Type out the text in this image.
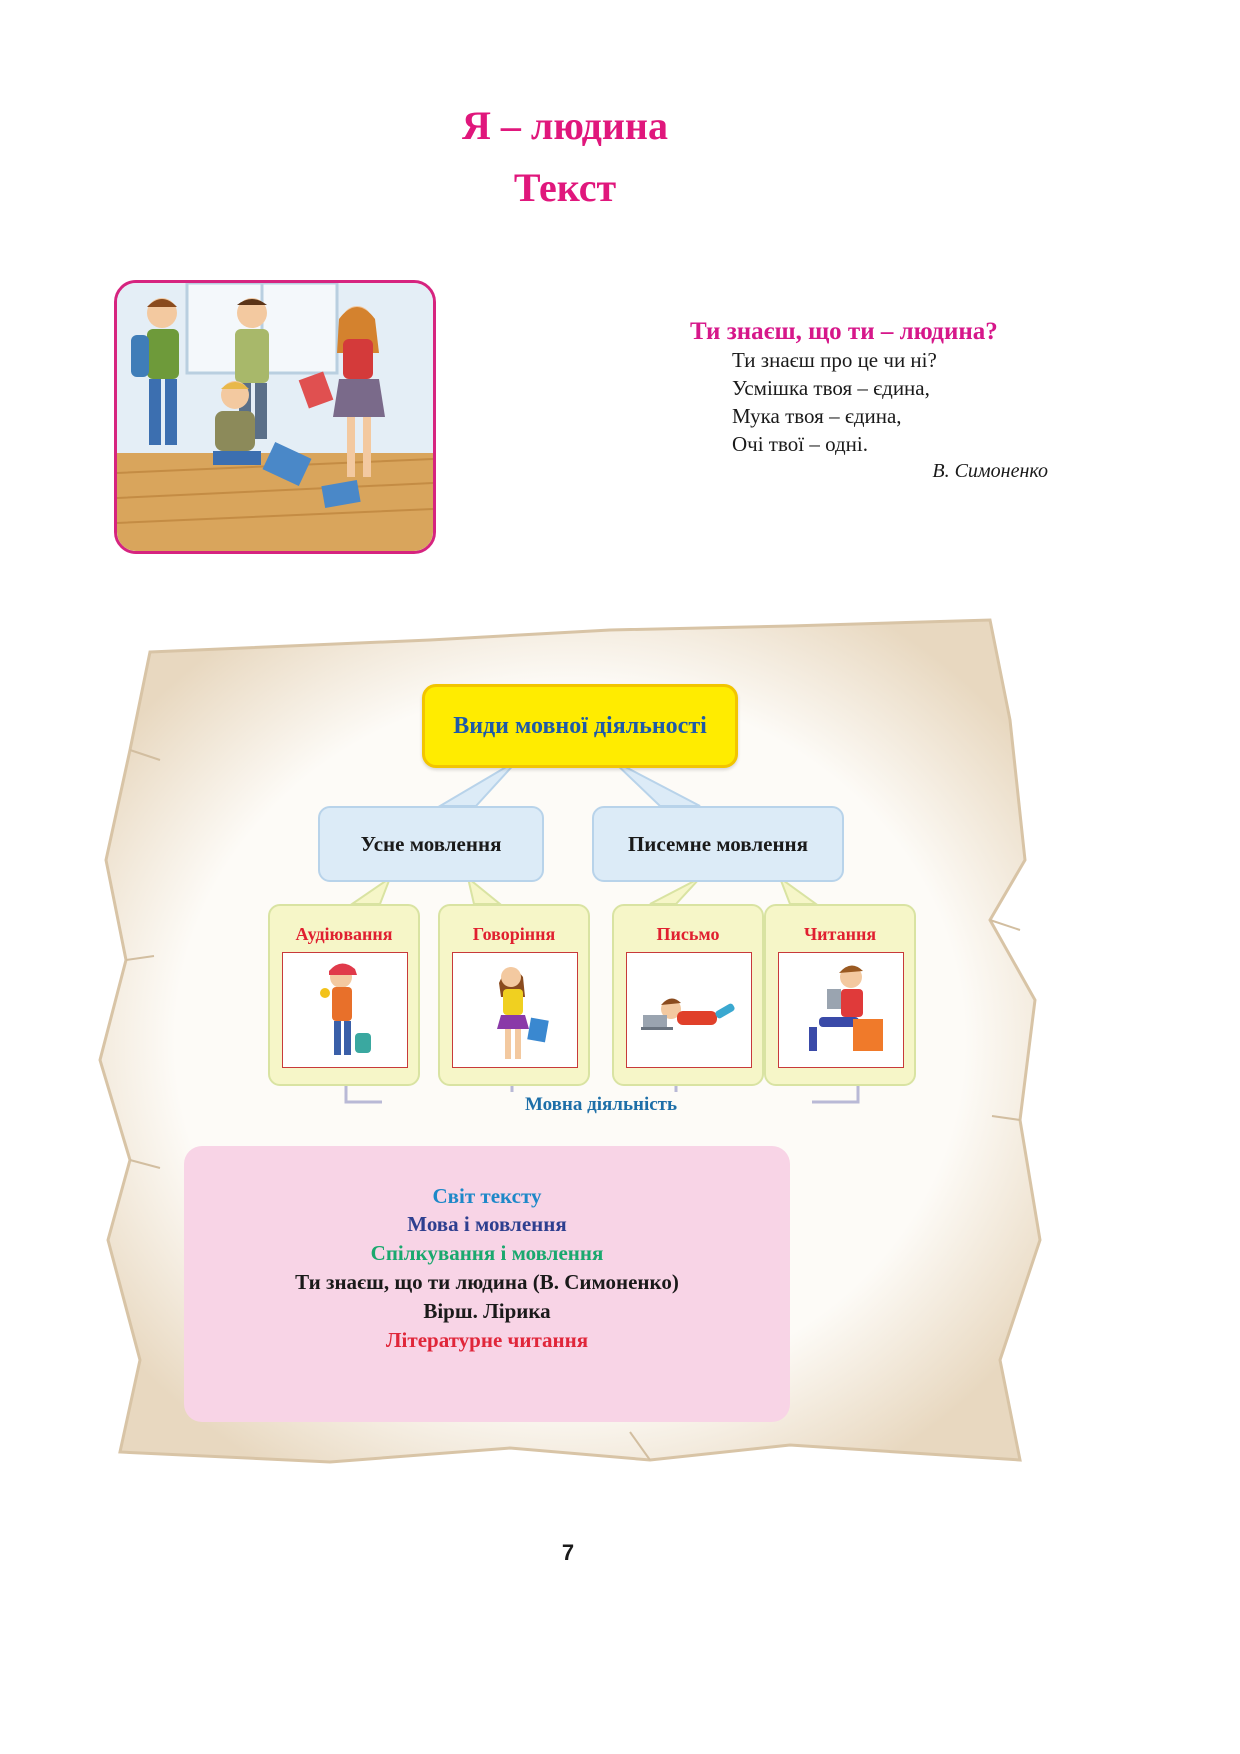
Я – людина
Текст
Ти знаєш, що ти – людина?
Ти знаєш про це чи ні?
Усмішка твоя – єдина,
Мука твоя – єдина,
Очі твої – одні.
В. Симоненко
Види мовної діяльності
Усне мовлення	Писемне мовлення
Аудіювання	Говоріння	Письмо	Читання
Мовна діяльність
Світ тексту
Мова і мовлення
Спілкування і мовлення
Ти знаєш, що ти людина (В. Симоненко)
Вірш. Лірика
Літературне читання
7
